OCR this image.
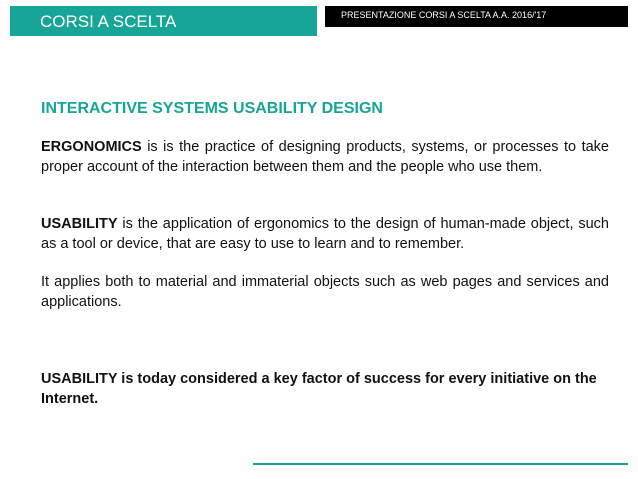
CORSI A SCELTA	PRESENTAZIONE CORSI A SCELTA A.A. 2016/'17
INTERACTIVE SYSTEMS USABILITY DESIGN

ERGONOMICS is is the practice of designing products, systems, or processes to take proper account of the interaction between them and the people who use them.

USABILITY is the application of ergonomics to the design of human-made object, such as a tool or device, that are easy to use to learn and to remember.

It applies both to material and immaterial objects such as web pages and services and applications.

USABILITY is today considered a key factor of success for every initiative on the Internet.
